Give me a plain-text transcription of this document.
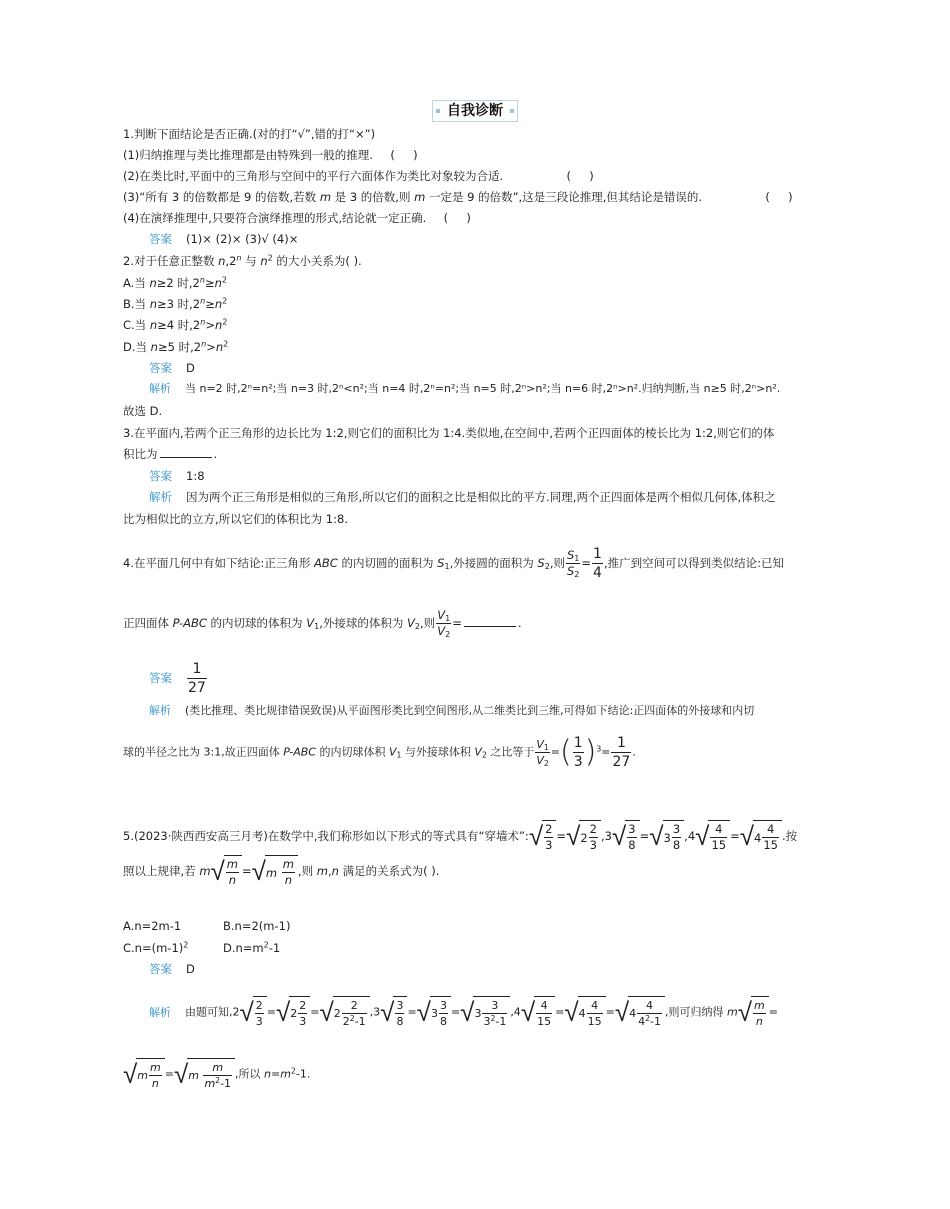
自我诊断
1.判断下面结论是否正确.(对的打“√”,错的打“×”)
(1)归纳推理与类比推理都是由特殊到一般的推理. (     )
(2)在类比时,平面中的三角形与空间中的平行六面体作为类比对象较为合适.	(     )
(3)“所有 3 的倍数都是 9 的倍数,若数 m 是 3 的倍数,则 m 一定是 9 的倍数”,这是三段论推理,但其结论是错误的.	(     )
(4)在演绎推理中,只要符合演绎推理的形式,结论就一定正确. (     )
答案 (1)× (2)× (3)√ (4)×
2.对于任意正整数 n,2$^n$ 与 $n^2$ 的大小关系为( ).
A.当 n≥2 时$,2^n\ge n^2$
B.当 n≥3 时$,2^n\ge n^2$
C.当 n≥4 时$,2^n>n^2$
D.当 n≥5 时$,2^n>n^2$
答案 D
解析 当 n=2 时,2ⁿ=n²;当 n=3 时,2ⁿ<n²;当 n=4 时,2ⁿ=n²;当 n=5 时,2ⁿ>n²;当 n=6 时,2ⁿ>n².归纳判断,当 n≥5 时,2ⁿ>n².
故选 D.
3.在平面内,若两个正三角形的边长比为 1:2,则它们的面积比为 1:4.类似地,在空间中,若两个正四面体的棱长比为 1:2,则它们的体
积比为	.
答案 1:8
解析 因为两个正三角形是相似的三角形,所以它们的面积之比是相似比的平方.同理,两个正四面体是两个相似几何体,体积之
比为相似比的立方,所以它们的体积比为 1:8.
4.在平面几何中有如下结论:正三角形 ABC 的内切圆的面积为 $S_1$,外接圆的面积为 $S_2$,则 $\frac{S_1}{S_2} = \frac{1}{4}$ ,推广到空间可以得到类似结论:已知
正四面体 P-ABC 的内切球的体积为 $V_1$,外接球的体积为 $V_2$,则 $\frac{V_1}{V_2}$ =	.
答案 $\frac{1}{27}$
解析 (类比推理、类比规律错误致误)从平面图形类比到空间图形,从二维类比到三维,可得如下结论:正四面体的外接球和内切
球的半径之比为 3:1,故正四面体 P-ABC 的内切球体积 $V_1$ 与外接球体积 $V_2$ 之比等于 $\frac{V_1}{V_2}$ =( $\frac{1}{3} )^3= \frac{1}{27}$ .
5.(2023·陕西西安高三月考)在数学中,我们称形如以下形式的等式具有“穿墙术”: √ $\frac{2}{3}$ = √ $2 \frac{2}{3} ,3$ √ $\frac{3}{8}$ = √ $3 \frac{3}{8} ,4$ √ $\frac{4}{15}$ = √ $4 \frac{4}{15}$ .按
照以上规律,若 m √ $\frac{m}{n}$ = √ m
$\frac{m}{n}$ ,则 m,n 满足的关系式为( ).
A.n=2m-1	B.n=2(m-1)
$C.n=(m-1)^2$	$D.n=m^2-1$
答案 D
解析 由题可知,2 √ $\frac{2}{3}$ = √ $2 \frac{2}{3}$ = √ $2 \frac{2}{2^2-1} ,3$ √ $\frac{3}{8}$ = √ $3 \frac{3}{8}$ = √ $3 \frac{3}{3^2-1} ,4$ √ $\frac{4}{15}$ = √ $4 \frac{4}{15}$ = √ $4 \frac{4}{4^2-1}$ ,则可归纳得 m √ $\frac{m}{n}$ =
√ m $\frac{m}{n}$ = √ m
$\frac{m}{m^2-1}$ ,所以 $n=m^2-1$.
